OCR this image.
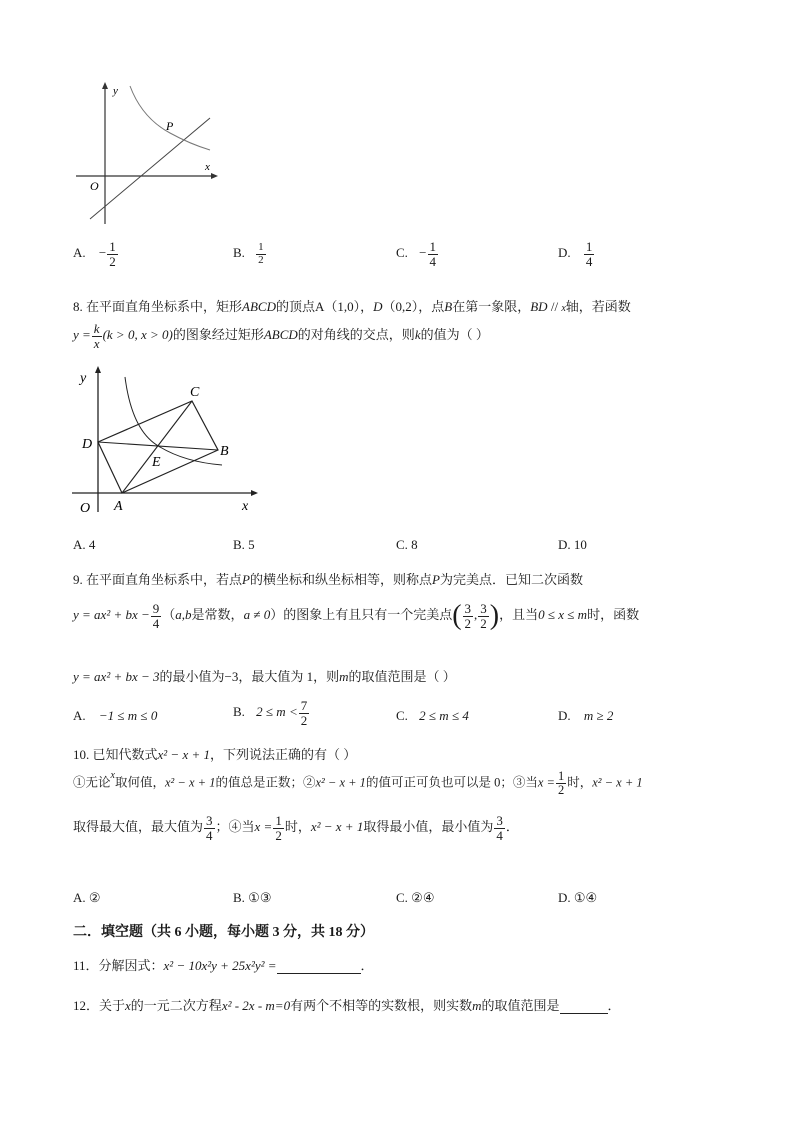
y
x
P
O
A. − $\frac{1}{2}$	B. $\frac{1}{2}$	C. − $\frac{1}{4}$	D. $\frac{1}{4}$
8. 在平面直角坐标系中，矩形ABCD的顶点A（1,0），D（0,2），点B在第一象限，BD // x轴，若函数
$y = \frac{k}{x} (k > 0$, x > 0)的图象经过矩形ABCD的对角线的交点，则k的值为（ ）
y
C
D	B
E
O A	x
A. 4	B. 5	C. 8	D. 10
9. 在平面直角坐标系中，若点P的横坐标和纵坐标相等，则称点P为完美点．已知二次函数
y = ax² + bx − $\frac{9}{4} (a,b$是常数，a ≠ 0）的图象上有且只有一个完美点( $\frac{3}{2}$ , $\frac{3}{2}$ )，且当0 ≤ x ≤ m时，函数
y = ax² + bx − 3的最小值为−3，最大值为 1，则m的取值范围是（ ）
A. −1 ≤ m ≤ 0	B. $2 \le m < \frac{7}{2}$	C. 2 ≤ m ≤ 4	D. m ≥ 2
10. 已知代数式x² − x + 1，下列说法正确的有（ ）
①无论$^x$取何值，x² − x + 1的值总是正数；②x² − x + 1的值可正可负也可以是 0；③当$x = \frac{1}{2}$ 时，x² − x + 1
取得最大值，最大值为 $\frac{3}{4}$ ；④当$x = \frac{1}{2}$ 时，x² − x + 1取得最小值，最小值为 $\frac{3}{4}$ ．
A. ②	B. ①③	C. ②④	D. ①④
二．填空题（共 6 小题，每小题 3 分，共 18 分）
11．分解因式：x² − 10x²y + 25x²y² =	．
12．关于x的一元二次方程x² - 2x - m=0有两个不相等的实数根，则实数m的取值范围是	．
